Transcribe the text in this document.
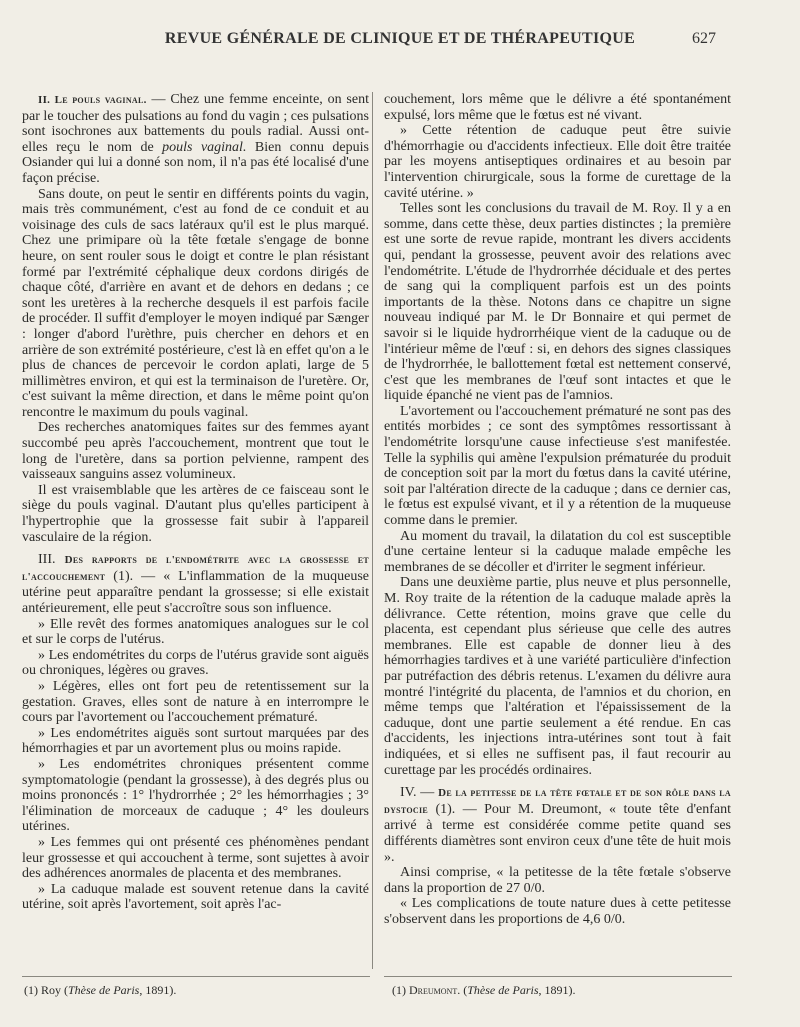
REVUE GÉNÉRALE DE CLINIQUE ET DE THÉRAPEUTIQUE	627

II. Le pouls vaginal. — Chez une femme enceinte, on sent par le toucher des pulsations au fond du vagin ; ces pulsations sont isochrones aux battements du pouls radial. Aussi ont-elles reçu le nom de pouls vaginal. Bien connu depuis Osiander qui lui a donné son nom, il n'a pas été localisé d'une façon précise.

Sans doute, on peut le sentir en différents points du vagin, mais très communément, c'est au fond de ce conduit et au voisinage des culs de sacs latéraux qu'il est le plus marqué. Chez une primipare où la tête fœtale s'engage de bonne heure, on sent rouler sous le doigt et contre le plan résistant formé par l'extrémité céphalique deux cordons dirigés de chaque côté, d'arrière en avant et de dehors en dedans ; ce sont les uretères à la recherche desquels il est parfois facile de procéder. Il suffit d'employer le moyen indiqué par Sænger : longer d'abord l'urèthre, puis chercher en dehors et en arrière de son extrémité postérieure, c'est là en effet qu'on a le plus de chances de percevoir le cordon aplati, large de 5 millimètres environ, et qui est la terminaison de l'uretère. Or, c'est suivant la même direction, et dans le même point qu'on rencontre le maximum du pouls vaginal.

Des recherches anatomiques faites sur des femmes ayant succombé peu après l'accouchement, montrent que tout le long de l'uretère, dans sa portion pelvienne, rampent des vaisseaux sanguins assez volumineux.

Il est vraisemblable que les artères de ce faisceau sont le siège du pouls vaginal. D'autant plus qu'elles participent à l'hypertrophie que la grossesse fait subir à l'appareil vasculaire de la région.

III. Des rapports de l'endométrite avec la grossesse et l'accouchement (1). — « L'inflammation de la muqueuse utérine peut apparaître pendant la grossesse; si elle existait antérieurement, elle peut s'accroître sous son influence.

» Elle revêt des formes anatomiques analogues sur le col et sur le corps de l'utérus.

» Les endométrites du corps de l'utérus gravide sont aiguës ou chroniques, légères ou graves.

» Légères, elles ont fort peu de retentissement sur la gestation. Graves, elles sont de nature à en interrompre le cours par l'avortement ou l'accouchement prématuré.

» Les endométrites aiguës sont surtout marquées par des hémorrhagies et par un avortement plus ou moins rapide.

» Les endométrites chroniques présentent comme symptomatologie (pendant la grossesse), à des degrés plus ou moins prononcés : 1° l'hydrorrhée ; 2° les hémorrhagies ; 3° l'élimination de morceaux de caduque ; 4° les douleurs utérines.

» Les femmes qui ont présenté ces phénomènes pendant leur grossesse et qui accouchent à terme, sont sujettes à avoir des adhérences anormales de placenta et des membranes.

» La caduque malade est souvent retenue dans la cavité utérine, soit après l'avortement, soit après l'ac-

couchement, lors même que le délivre a été spontanément expulsé, lors même que le fœtus est né vivant.

» Cette rétention de caduque peut être suivie d'hémorrhagie ou d'accidents infectieux. Elle doit être traitée par les moyens antiseptiques ordinaires et au besoin par l'intervention chirurgicale, sous la forme de curettage de la cavité utérine. »

Telles sont les conclusions du travail de M. Roy. Il y a en somme, dans cette thèse, deux parties distinctes ; la première est une sorte de revue rapide, montrant les divers accidents qui, pendant la grossesse, peuvent avoir des relations avec l'endométrite. L'étude de l'hydrorrhée déciduale et des pertes de sang qui la compliquent parfois est un des points importants de la thèse. Notons dans ce chapitre un signe nouveau indiqué par M. le Dr Bonnaire et qui permet de savoir si le liquide hydrorrhéique vient de la caduque ou de l'intérieur même de l'œuf : si, en dehors des signes classiques de l'hydrorrhée, le ballottement fœtal est nettement conservé, c'est que les membranes de l'œuf sont intactes et que le liquide épanché ne vient pas de l'amnios.

L'avortement ou l'accouchement prématuré ne sont pas des entités morbides ; ce sont des symptômes ressortissant à l'endométrite lorsqu'une cause infectieuse s'est manifestée. Telle la syphilis qui amène l'expulsion prématurée du produit de conception soit par la mort du fœtus dans la cavité utérine, soit par l'altération directe de la caduque ; dans ce dernier cas, le fœtus est expulsé vivant, et il y a rétention de la muqueuse comme dans le premier.

Au moment du travail, la dilatation du col est susceptible d'une certaine lenteur si la caduque malade empêche les membranes de se décoller et d'irriter le segment inférieur.

Dans une deuxième partie, plus neuve et plus personnelle, M. Roy traite de la rétention de la caduque malade après la délivrance. Cette rétention, moins grave que celle du placenta, est cependant plus sérieuse que celle des autres membranes. Elle est capable de donner lieu à des hémorrhagies tardives et à une variété particulière d'infection par putréfaction des débris retenus. L'examen du délivre aura montré l'intégrité du placenta, de l'amnios et du chorion, en même temps que l'altération et l'épaississement de la caduque, dont une partie seulement a été rendue. En cas d'accidents, les injections intra-utérines sont tout à fait indiquées, et si elles ne suffisent pas, il faut recourir au curettage par les procédés ordinaires.

IV. — De la petitesse de la tête fœtale et de son rôle dans la dystocie (1). — Pour M. Dreumont, « toute tête d'enfant arrivé à terme est considérée comme petite quand ses différents diamètres sont environ ceux d'une tête de huit mois ».

Ainsi comprise, « la petitesse de la tête fœtale s'observe dans la proportion de 27 0/0.

« Les complications de toute nature dues à cette petitesse s'observent dans les proportions de 4,6 0/0.

(1) Roy (Thèse de Paris, 1891).	(1) Dreumont. (Thèse de Paris, 1891).
